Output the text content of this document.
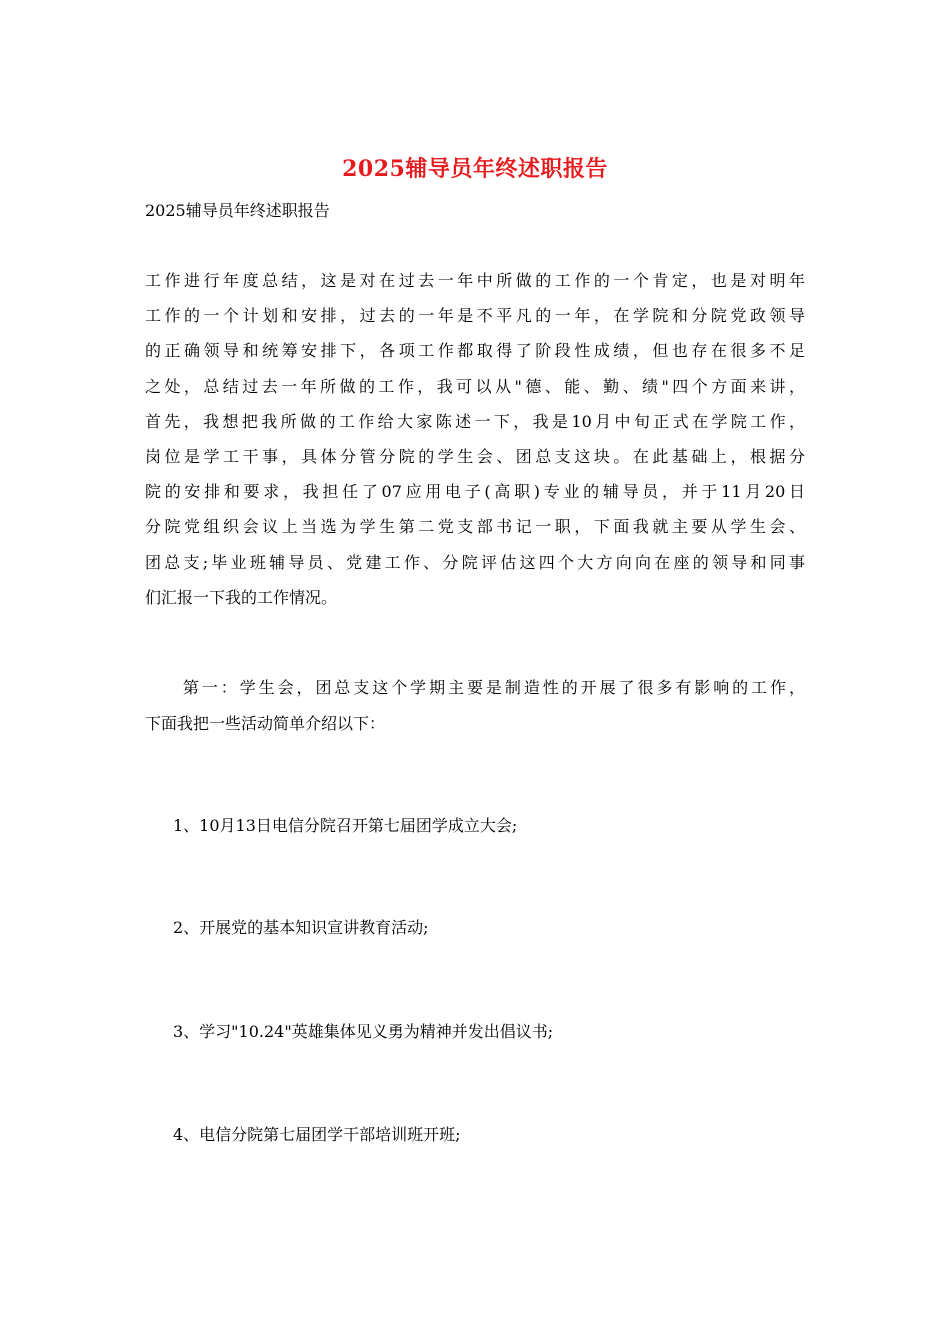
2025辅导员年终述职报告
2025辅导员年终述职报告
工作进行年度总结，这是对在过去一年中所做的工作的一个肯定，也是对明年
工作的一个计划和安排，过去的一年是不平凡的一年，在学院和分院党政领导
的正确领导和统筹安排下，各项工作都取得了阶段性成绩，但也存在很多不足
之处，总结过去一年所做的工作，我可以从"德、能、勤、绩"四个方面来讲，
首先，我想把我所做的工作给大家陈述一下，我是10月中旬正式在学院工作，
岗位是学工干事，具体分管分院的学生会、团总支这块。在此基础上，根据分
院的安排和要求，我担任了07应用电子(高职)专业的辅导员，并于11月20日
分院党组织会议上当选为学生第二党支部书记一职，下面我就主要从学生会、
团总支;毕业班辅导员、党建工作、分院评估这四个大方向向在座的领导和同事
们汇报一下我的工作情况。
　　第一：学生会，团总支这个学期主要是制造性的开展了很多有影响的工作，
下面我把一些活动简单介绍以下：
1、10月13日电信分院召开第七届团学成立大会;
2、开展党的基本知识宣讲教育活动;
3、学习"10.24"英雄集体见义勇为精神并发出倡议书;
4、电信分院第七届团学干部培训班开班;
